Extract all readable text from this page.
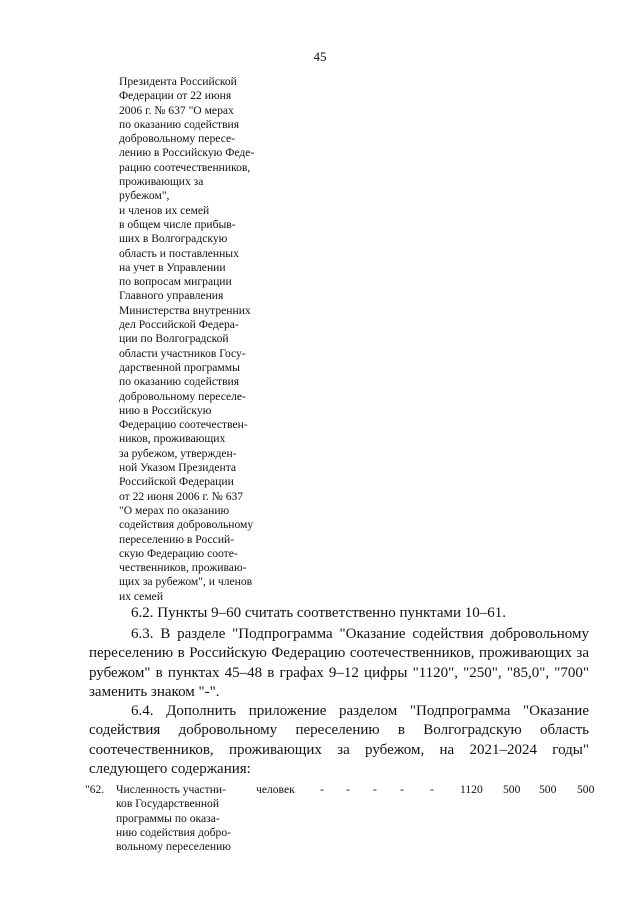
45
Президента Российской
Федерации от 22 июня
2006 г. № 637 "О мерах
по оказанию содействия
добровольному пересе-
лению в Российскую Феде-
рацию соотечественников,
проживающих за рубежом",
и членов их семей
в общем числе прибыв-
ших в Волгоградскую
область и поставленных
на учет в Управлении
по вопросам миграции
Главного управления
Министерства внутренних
дел Российской Федера-
ции по Волгоградской
области участников Госу-
дарственной программы
по оказанию содействия
добровольному переселе-
нию в Российскую
Федерацию соотечествен-
ников, проживающих
за рубежом, утвержден-
ной Указом Президента
Российской Федерации
от 22 июня 2006 г. № 637
"О мерах по оказанию
содействия добровольному
переселению в Россий-
скую Федерацию сооте-
чественников, проживаю-
щих за рубежом", и членов
их семей
6.2. Пункты 9–60 считать соответственно пунктами 10–61.
6.3. В разделе "Подпрограмма "Оказание содействия добровольному переселению в Российскую Федерацию соотечественников, проживающих за рубежом" в пунктах 45–48 в графах 9–12 цифры "1120", "250", "85,0", "700" заменить знаком "-".
6.4. Дополнить приложение разделом "Подпрограмма "Оказание содействия добровольному переселению в Волгоградскую область соотечественников, проживающих за рубежом, на 2021–2024 годы" следующего содержания:
"62. Численность участни-
ков Государственной
программы по оказа-
нию содействия добро-
вольному переселению
человек - - - - - 1120 500 500 500
